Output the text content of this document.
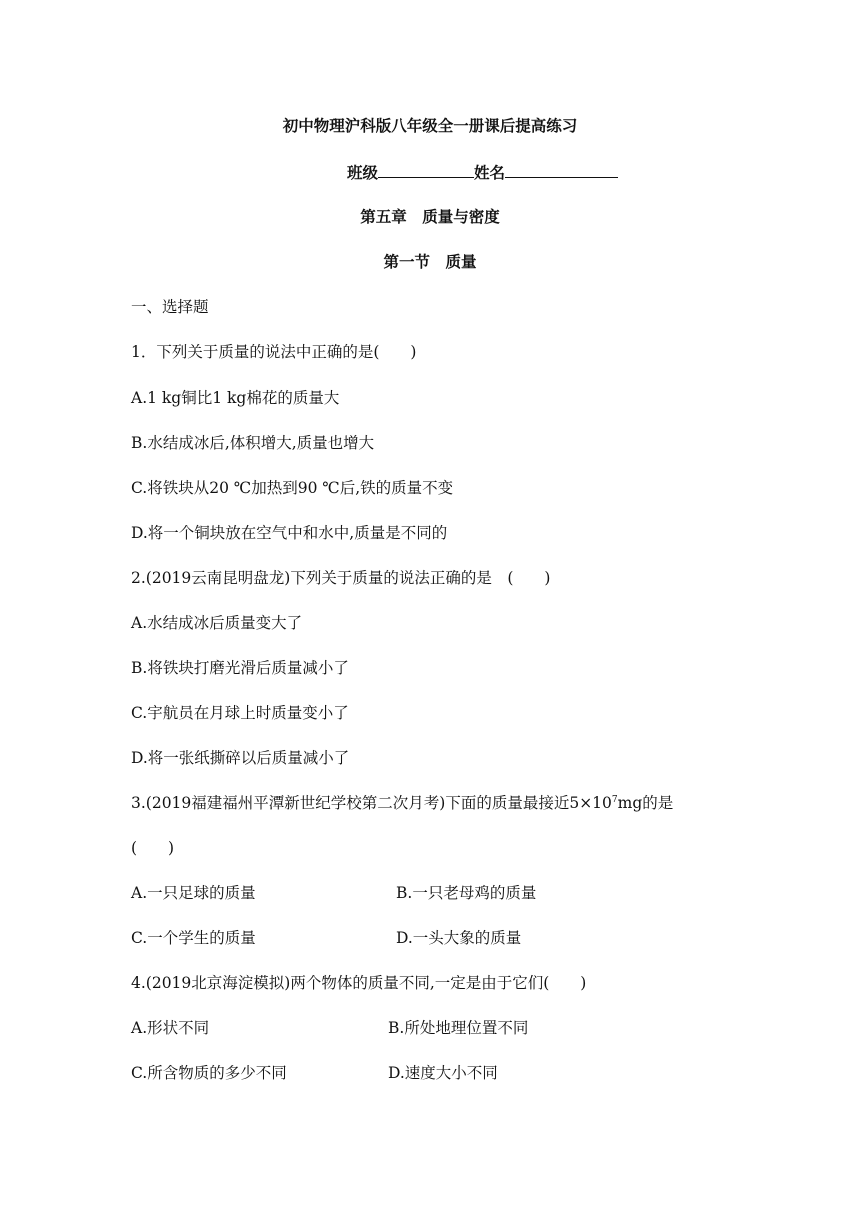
初中物理沪科版八年级全一册课后提高练习
班级	姓名
第五章　质量与密度
第一节　质量
一、选择题
1．下列关于质量的说法中正确的是(　　)
A.1 kg铜比1 kg棉花的质量大
B.水结成冰后,体积增大,质量也增大
C.将铁块从20 ℃加热到90 ℃后,铁的质量不变
D.将一个铜块放在空气中和水中,质量是不同的
2.(2019云南昆明盘龙)下列关于质量的说法正确的是　(　　)
A.水结成冰后质量变大了
B.将铁块打磨光滑后质量减小了
C.宇航员在月球上时质量变小了
D.将一张纸撕碎以后质量减小了
3.(2019福建福州平潭新世纪学校第二次月考)下面的质量最接近$5\times 10^7mg$的是
(　　)
A.一只足球的质量	B.一只老母鸡的质量
C.一个学生的质量	D.一头大象的质量
4.(2019北京海淀模拟)两个物体的质量不同,一定是由于它们(　　)
A.形状不同	B.所处地理位置不同
C.所含物质的多少不同	D.速度大小不同
